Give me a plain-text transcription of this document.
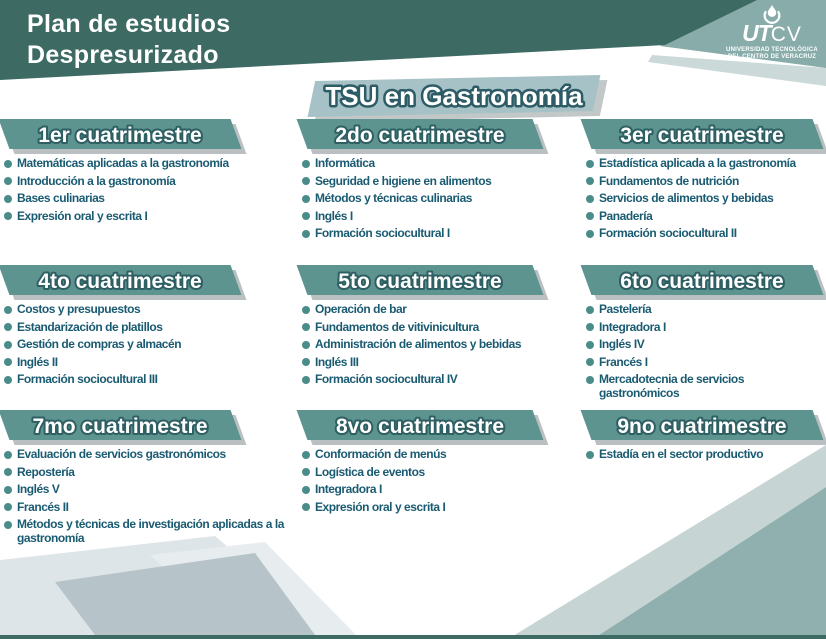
Plan de estudios
Despresurizado
UTCV
UNIVERSIDAD TECNOLÓGICA
DEL CENTRO DE VERACRUZ
TSU en Gastronomía
1er cuatrimestre
Matemáticas aplicadas a la gastronomía
Introducción a la gastronomía
Bases culinarias
Expresión oral y escrita I
2do cuatrimestre
Informática
Seguridad e higiene en alimentos
Métodos y técnicas culinarias
Inglés I
Formación sociocultural I
3er cuatrimestre
Estadística aplicada a la gastronomía
Fundamentos de nutrición
Servicios de alimentos y bebidas
Panadería
Formación sociocultural II
4to cuatrimestre
Costos y presupuestos
Estandarización de platillos
Gestión de compras y almacén
Inglés II
Formación sociocultural III
5to cuatrimestre
Operación de bar
Fundamentos de vitivinicultura
Administración de alimentos y bebidas
Inglés III
Formación sociocultural IV
6to cuatrimestre
Pastelería
Integradora I
Inglés IV
Francés I
Mercadotecnia de servicios gastronómicos
7mo cuatrimestre
Evaluación de servicios gastronómicos
Repostería
Inglés V
Francés II
Métodos y técnicas de investigación aplicadas a la gastronomía
8vo cuatrimestre
Conformación de menús
Logística de eventos
Integradora I
Expresión oral y escrita I
9no cuatrimestre
Estadía en el sector productivo
